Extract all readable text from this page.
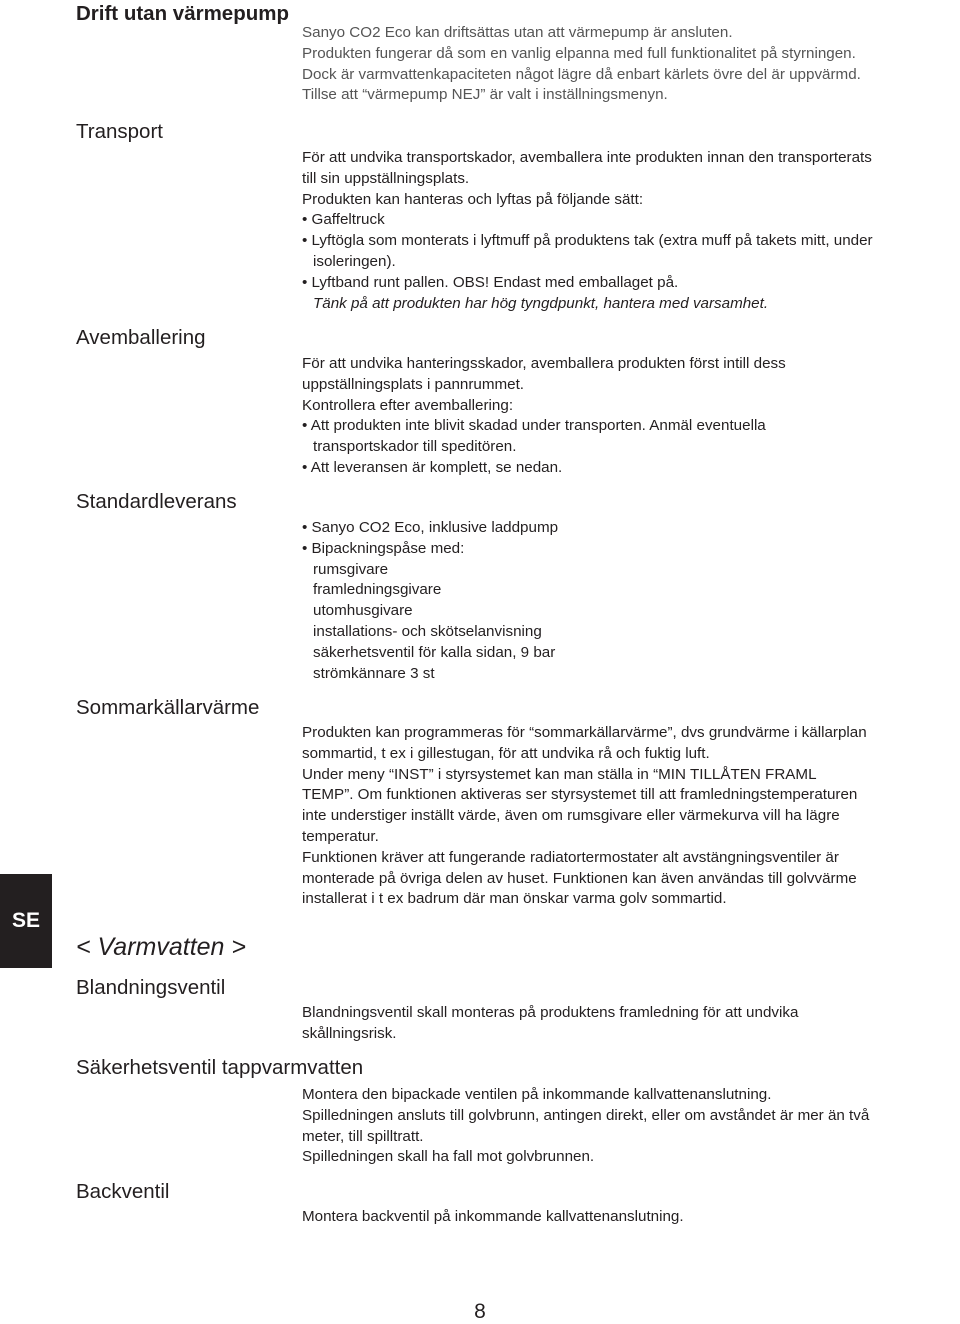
Drift utan värmepump
Transport
Avemballering
Standardleverans
Sommarkällarvärme
< Varmvatten >
Blandningsventil
Säkerhetsventil tappvarmvatten
Backventil
Sanyo CO2 Eco kan driftsättas utan att värmepump är ansluten.
Produkten fungerar då som en vanlig elpanna med full funktionalitet på styrningen.
Dock är varmvattenkapaciteten något lägre då enbart kärlets övre del är uppvärmd.
Tillse att “värmepump NEJ” är valt i inställningsmenyn.
För att undvika transportskador, avemballera inte produkten innan den transporterats
till sin uppställningsplats.
Produkten kan hanteras och lyftas på följande sätt:
• Gaffeltruck
• Lyftögla som monterats i lyftmuff på produktens tak (extra muff på takets mitt, under
isoleringen).
• Lyftband runt pallen. OBS! Endast med emballaget på.
Tänk på att produkten har hög tyngdpunkt, hantera med varsamhet.
För att undvika hanteringsskador, avemballera produkten först intill dess
uppställningsplats i pannrummet.
Kontrollera efter avemballering:
• Att produkten inte blivit skadad under transporten. Anmäl eventuella
transportskador till speditören.
• Att leveransen är komplett, se nedan.
• Sanyo CO2 Eco, inklusive laddpump
• Bipackningspåse med:
rumsgivare
framledningsgivare
utomhusgivare
installations- och skötselanvisning
säkerhetsventil för kalla sidan, 9 bar
strömkännare 3 st
Produkten kan programmeras för “sommarkällarvärme”, dvs grundvärme i källarplan
sommartid, t ex i gillestugan, för att undvika rå och fuktig luft.
Under meny “INST” i styrsystemet kan man ställa in “MIN TILLÅTEN FRAML
TEMP”. Om funktionen aktiveras ser styrsystemet till att framledningstemperaturen
inte understiger inställt värde, även om rumsgivare eller värmekurva vill ha lägre
temperatur.
Funktionen kräver att fungerande radiatortermostater alt avstängningsventiler är
monterade på övriga delen av huset. Funktionen kan även användas till golvvärme
installerat i t ex badrum där man önskar varma golv sommartid.
Blandningsventil skall monteras på produktens framledning för att undvika
skållningsrisk.
Montera den bipackade ventilen på inkommande kallvattenanslutning.
Spilledningen ansluts till golvbrunn, antingen direkt, eller om avståndet är mer än två
meter, till spilltratt.
Spilledningen skall ha fall mot golvbrunnen.
Montera backventil på inkommande kallvattenanslutning.
SE
8
